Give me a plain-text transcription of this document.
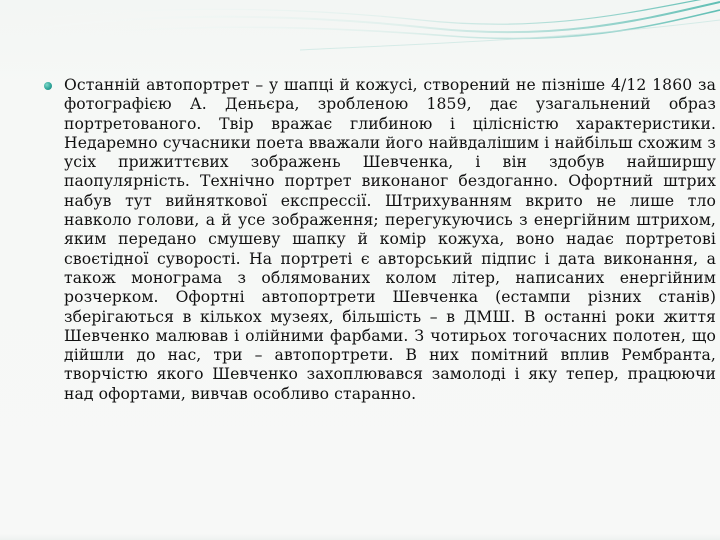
Останній автопортрет – у шапці й кожусі, створений не пізніше 4/12 1860 за фотографією А. Деньєра, зробленою 1859, дає узагальнений образ портретованого. Твір вражає глибиною і цілісністю характеристики. Недаремно сучасники поета вважали його найвдалішим і найбільш схожим з усіх прижиттєвих зображень Шевченка, і він здобув найширшу паопулярність. Технічно портрет виконаног бездоганно. Офортний штрих набув тут вийняткової експрессії. Штрихуванням вкрито не лише тло навколо голови, а й усе зображення; перегукуючись з енергійним штрихом, яким передано смушеву шапку й комір кожуха, воно надає портретові своєтідної суворості. На портреті є авторський підпис і дата виконання, а також монограма з облямованих колом літер, написаних енергійним розчерком. Офортні автопортрети Шевченка (естампи різних станів) зберігаються в кількох музеях, більшість – в ДМШ. В останні роки життя Шевченко малював і олійними фарбами. З чотирьох тогочасних полотен, що дійшли до нас, три – автопортрети. В них помітний вплив Рембранта, творчістю якого Шевченко захоплювався замолоді і яку тепер, працюючи над офортами, вивчав особливо старанно.
